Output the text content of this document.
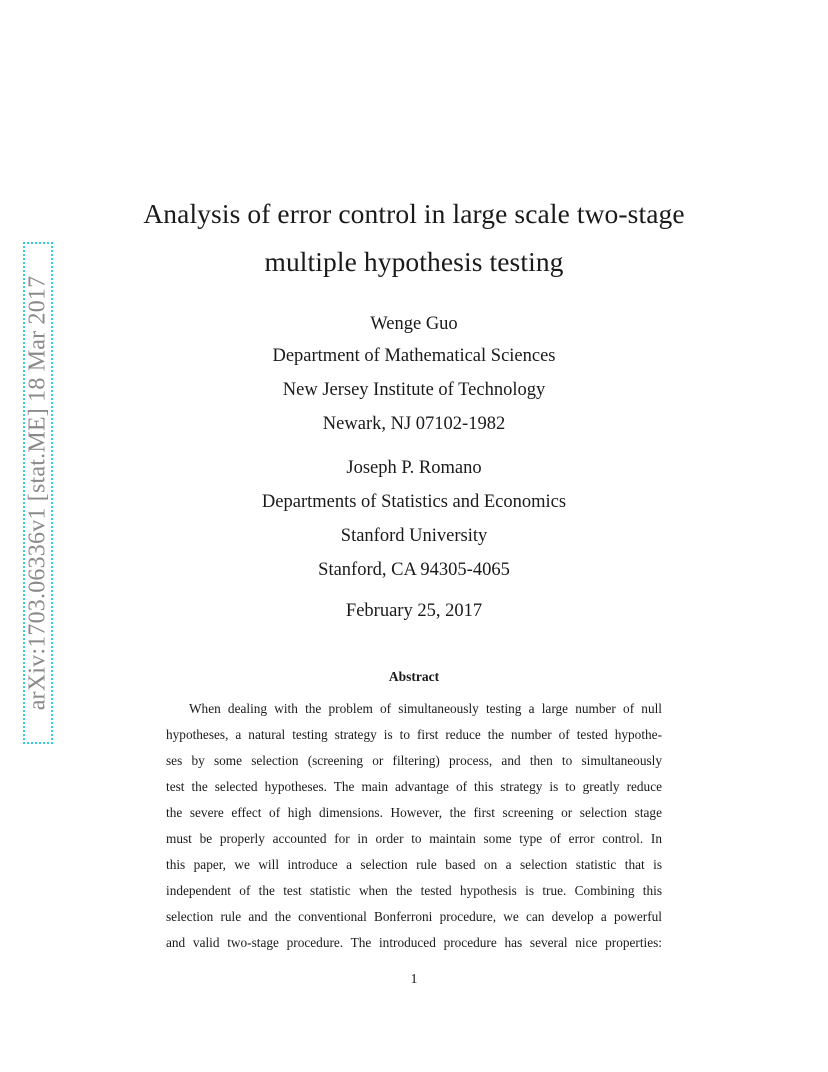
arXiv:1703.06336v1 [stat.ME] 18 Mar 2017
Analysis of error control in large scale two-stage
multiple hypothesis testing
Wenge Guo
Department of Mathematical Sciences
New Jersey Institute of Technology
Newark, NJ 07102-1982
Joseph P. Romano
Departments of Statistics and Economics
Stanford University
Stanford, CA 94305-4065
February 25, 2017
Abstract
When dealing with the problem of simultaneously testing a large number of null
hypotheses, a natural testing strategy is to first reduce the number of tested hypothe-
ses by some selection (screening or filtering) process, and then to simultaneously
test the selected hypotheses. The main advantage of this strategy is to greatly reduce
the severe effect of high dimensions. However, the first screening or selection stage
must be properly accounted for in order to maintain some type of error control. In
this paper, we will introduce a selection rule based on a selection statistic that is
independent of the test statistic when the tested hypothesis is true. Combining this
selection rule and the conventional Bonferroni procedure, we can develop a powerful
and valid two-stage procedure. The introduced procedure has several nice properties:
1
